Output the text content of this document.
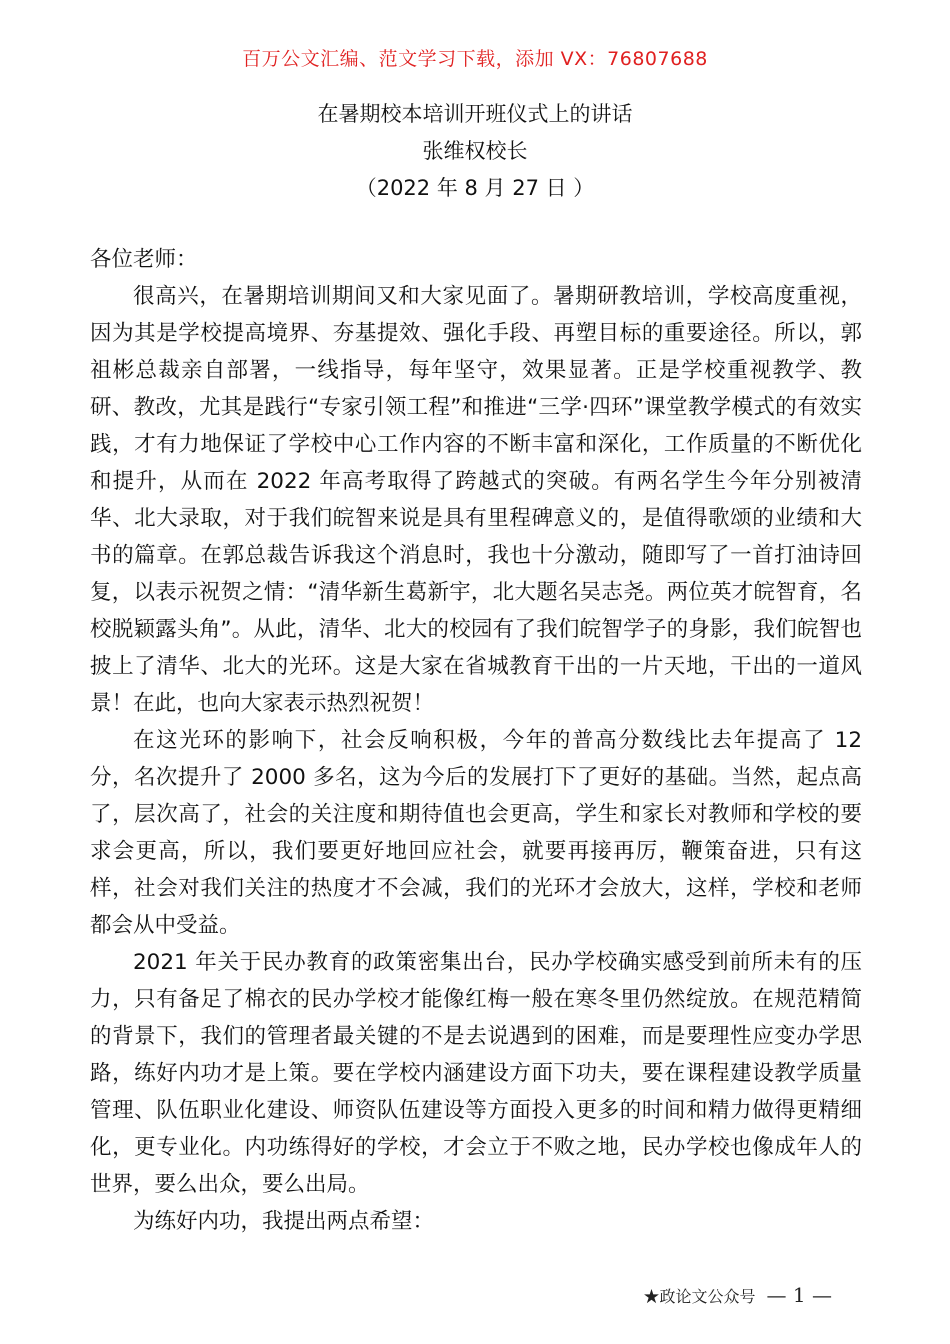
百万公文汇编、范文学习下载，添加 VX：76807688
在暑期校本培训开班仪式上的讲话
张维权校长
（2022 年 8 月 27 日 ）

各位老师：

很高兴，在暑期培训期间又和大家见面了。暑期研教培训，学校高度重视，因为其是学校提高境界、夯基提效、强化手段、再塑目标的重要途径。所以，郭祖彬总裁亲自部署，一线指导，每年坚守，效果显著。正是学校重视教学、教研、教改，尤其是践行“专家引领工程”和推进“三学·四环”课堂教学模式的有效实践，才有力地保证了学校中心工作内容的不断丰富和深化，工作质量的不断优化和提升，从而在 2022 年高考取得了跨越式的突破。有两名学生今年分别被清华、北大录取，对于我们皖智来说是具有里程碑意义的，是值得歌颂的业绩和大书的篇章。在郭总裁告诉我这个消息时，我也十分激动，随即写了一首打油诗回复，以表示祝贺之情：“清华新生葛新宇，北大题名吴志尧。两位英才皖智育，名校脱颖露头角”。从此，清华、北大的校园有了我们皖智学子的身影，我们皖智也披上了清华、北大的光环。这是大家在省城教育干出的一片天地，干出的一道风景！在此，也向大家表示热烈祝贺！

在这光环的影响下，社会反响积极，今年的普高分数线比去年提高了 12 分，名次提升了 2000 多名，这为今后的发展打下了更好的基础。当然，起点高了，层次高了，社会的关注度和期待值也会更高，学生和家长对教师和学校的要求会更高，所以，我们要更好地回应社会，就要再接再厉，鞭策奋进，只有这样，社会对我们关注的热度才不会减，我们的光环才会放大，这样，学校和老师都会从中受益。

2021 年关于民办教育的政策密集出台，民办学校确实感受到前所未有的压力，只有备足了棉衣的民办学校才能像红梅一般在寒冬里仍然绽放。在规范精简的背景下，我们的管理者最关键的不是去说遇到的困难，而是要理性应变办学思路，练好内功才是上策。要在学校内涵建设方面下功夫，要在课程建设教学质量管理、队伍职业化建设、师资队伍建设等方面投入更多的时间和精力做得更精细化，更专业化。内功练得好的学校，才会立于不败之地，民办学校也像成年人的世界，要么出众，要么出局。

为练好内功，我提出两点希望：

★政论文公众号 — 1 —
